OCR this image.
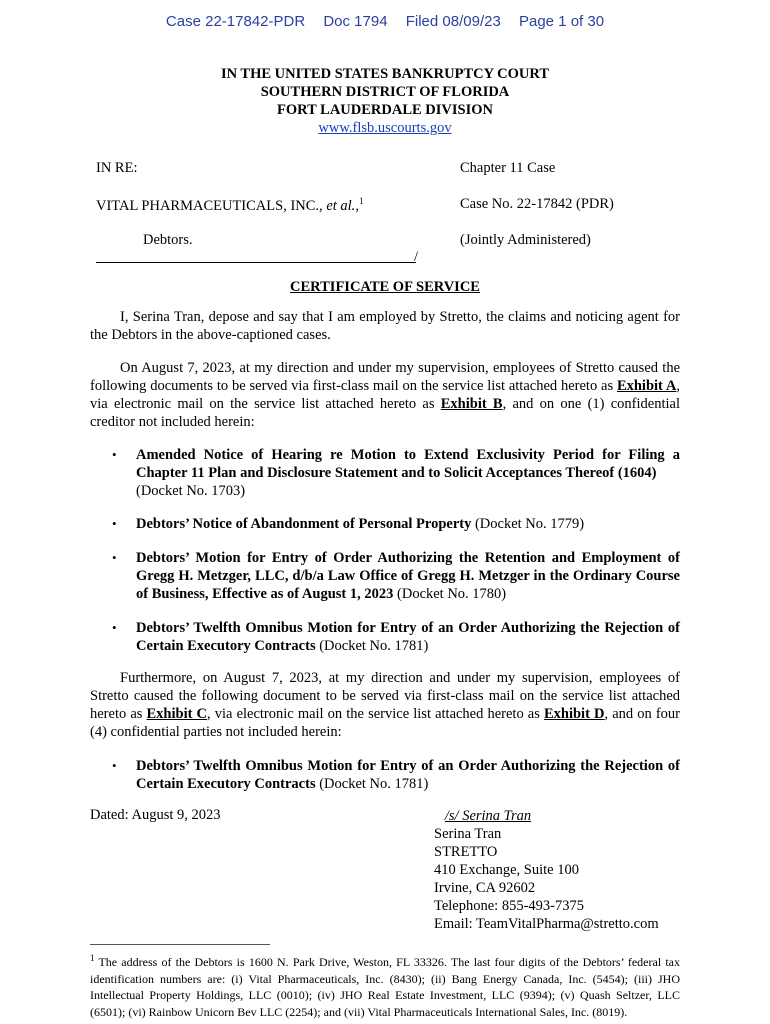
Case 22-17842-PDR Doc 1794 Filed 08/09/23 Page 1 of 30
IN THE UNITED STATES BANKRUPTCY COURT
SOUTHERN DISTRICT OF FLORIDA
FORT LAUDERDALE DIVISION
www.flsb.uscourts.gov
IN RE:	Chapter 11 Case
VITAL PHARMACEUTICALS, INC., et al.,$^1$	Case No. 22-17842 (PDR)
Debtors.	(Jointly Administered)
/
CERTIFICATE OF SERVICE
I, Serina Tran, depose and say that I am employed by Stretto, the claims and noticing agent for the Debtors in the above-captioned cases.
On August 7, 2023, at my direction and under my supervision, employees of Stretto caused the following documents to be served via first-class mail on the service list attached hereto as Exhibit A, via electronic mail on the service list attached hereto as Exhibit B, and on one (1) confidential creditor not included herein:
• Amended Notice of Hearing re Motion to Extend Exclusivity Period for Filing a Chapter 11 Plan and Disclosure Statement and to Solicit Acceptances Thereof (1604)
(Docket No. 1703)
• Debtors’ Notice of Abandonment of Personal Property (Docket No. 1779)
• Debtors’ Motion for Entry of Order Authorizing the Retention and Employment of Gregg H. Metzger, LLC, d/b/a Law Office of Gregg H. Metzger in the Ordinary Course of Business, Effective as of August 1, 2023 (Docket No. 1780)
• Debtors’ Twelfth Omnibus Motion for Entry of an Order Authorizing the Rejection of Certain Executory Contracts (Docket No. 1781)
Furthermore, on August 7, 2023, at my direction and under my supervision, employees of Stretto caused the following document to be served via first-class mail on the service list attached hereto as Exhibit C, via electronic mail on the service list attached hereto as Exhibit D, and on four (4) confidential parties not included herein:
• Debtors’ Twelfth Omnibus Motion for Entry of an Order Authorizing the Rejection of Certain Executory Contracts (Docket No. 1781)
Dated: August 9, 2023	/s/ Serina Tran
Serina Tran
STRETTO
410 Exchange, Suite 100
Irvine, CA 92602
Telephone: 855-493-7375
Email: TeamVitalPharma@stretto.com
$^1$ The address of the Debtors is 1600 N. Park Drive, Weston, FL 33326. The last four digits of the Debtors’ federal tax identification numbers are: (i) Vital Pharmaceuticals, Inc. (8430); (ii) Bang Energy Canada, Inc. (5454); (iii) JHO Intellectual Property Holdings, LLC (0010); (iv) JHO Real Estate Investment, LLC (9394); (v) Quash Seltzer, LLC (6501); (vi) Rainbow Unicorn Bev LLC (2254); and (vii) Vital Pharmaceuticals International Sales, Inc. (8019).
